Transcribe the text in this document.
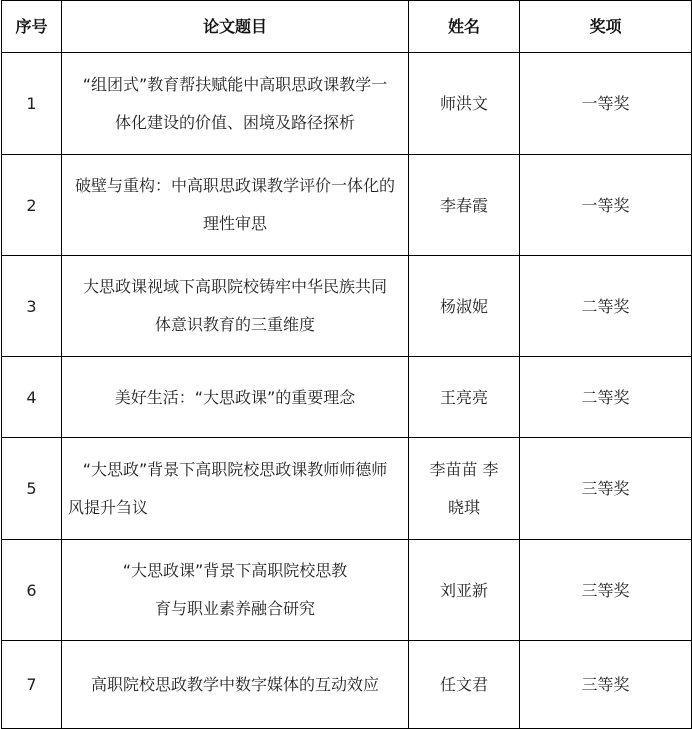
序号	论文题目	姓名	奖项
1	“组团式”教育帮扶赋能中高职思政课教学一
体化建设的价值、困境及路径探析	师洪文	一等奖
2	破壁与重构：中高职思政课教学评价一体化的
理性审思	李春霞	一等奖
3	大思政课视域下高职院校铸牢中华民族共同
体意识教育的三重维度	杨淑妮	二等奖
4	美好生活：“大思政课”的重要理念	王亮亮	二等奖
5	“大思政”背景下高职院校思政课教师师德师
风提升刍议	李苗苗 李
晓琪	三等奖
6	“大思政课”背景下高职院校思教
育与职业素养融合研究	刘亚新	三等奖
7	高职院校思政教学中数字媒体的互动效应	任文君	三等奖
